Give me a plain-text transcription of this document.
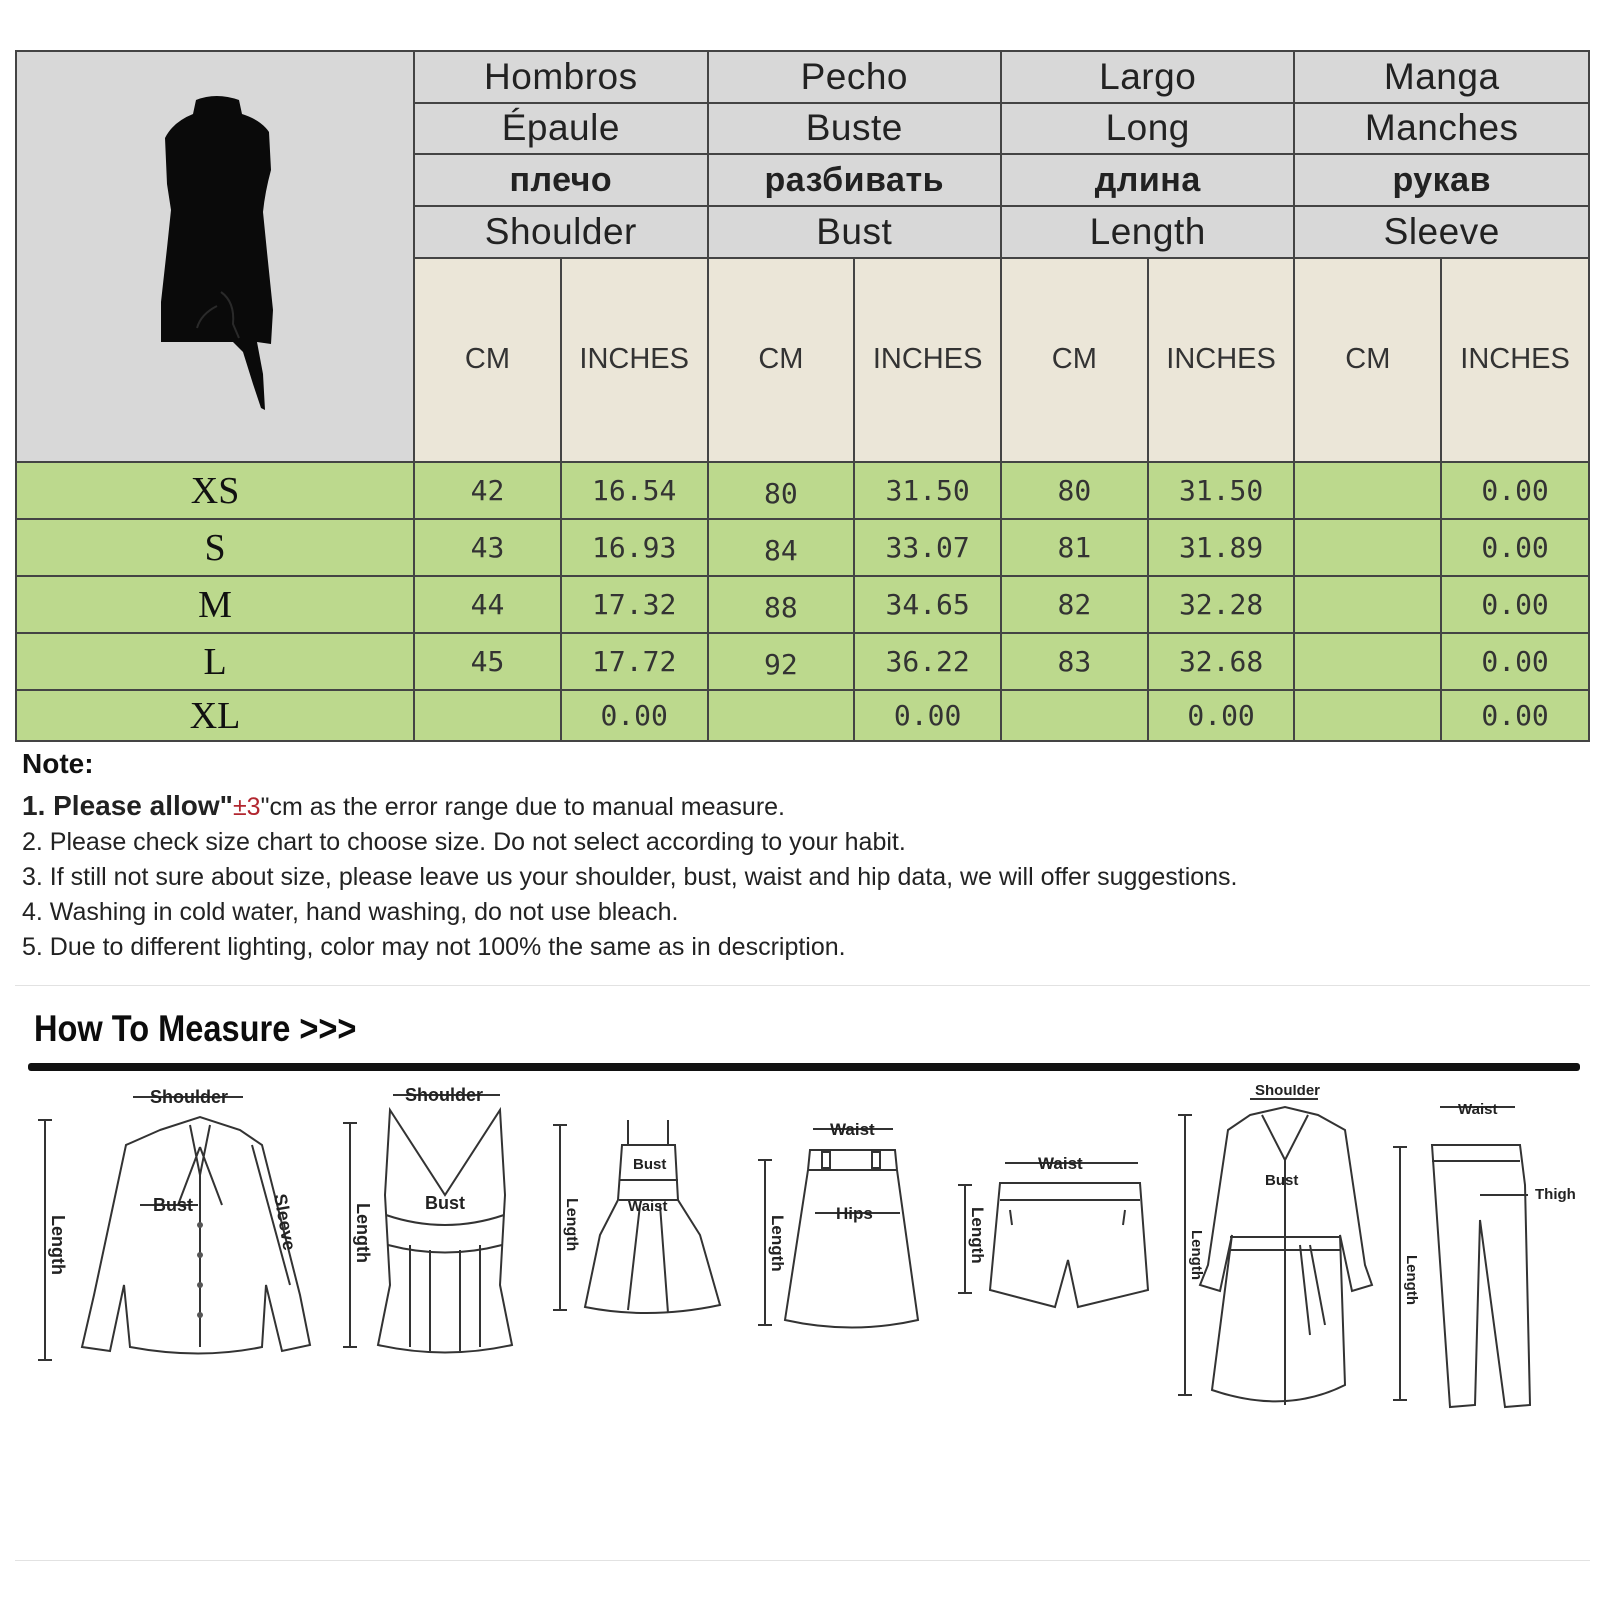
	Hombros		Pecho		Largo		Manga	
	Épaule		Buste		Long		Manches	
	плечо		разбивать		длина		рукав	
	Shoulder		Bust		Length		Sleeve	
	CM	INCHES	CM	INCHES	CM	INCHES	CM	INCHES
XS	42	16.54	80	31.50	80	31.50		0.00
S	43	16.93	84	33.07	81	31.89		0.00
M	44	17.32	88	34.65	82	32.28		0.00
L	45	17.72	92	36.22	83	32.68		0.00
XL		0.00		0.00		0.00		0.00

Note:

1. Please allow"±3"cm as the error range due to manual measure.

2. Please check size chart to choose size. Do not select according to your habit.

3. If still not sure about size, please leave us your shoulder, bust, waist and hip data, we will offer suggestions.

4. Washing in cold water, hand washing, do not use bleach.

5. Due to different lighting, color may not 100% the same as in description.

How To Measure >>>
Shoulder
Bust
Length	Sleeve
Shoulder
Bust
Length
Bust
Waist
Length
Waist
Hips
Length
Waist
Length
Shoulder
Bust
Length
Waist
Thigh
Length
